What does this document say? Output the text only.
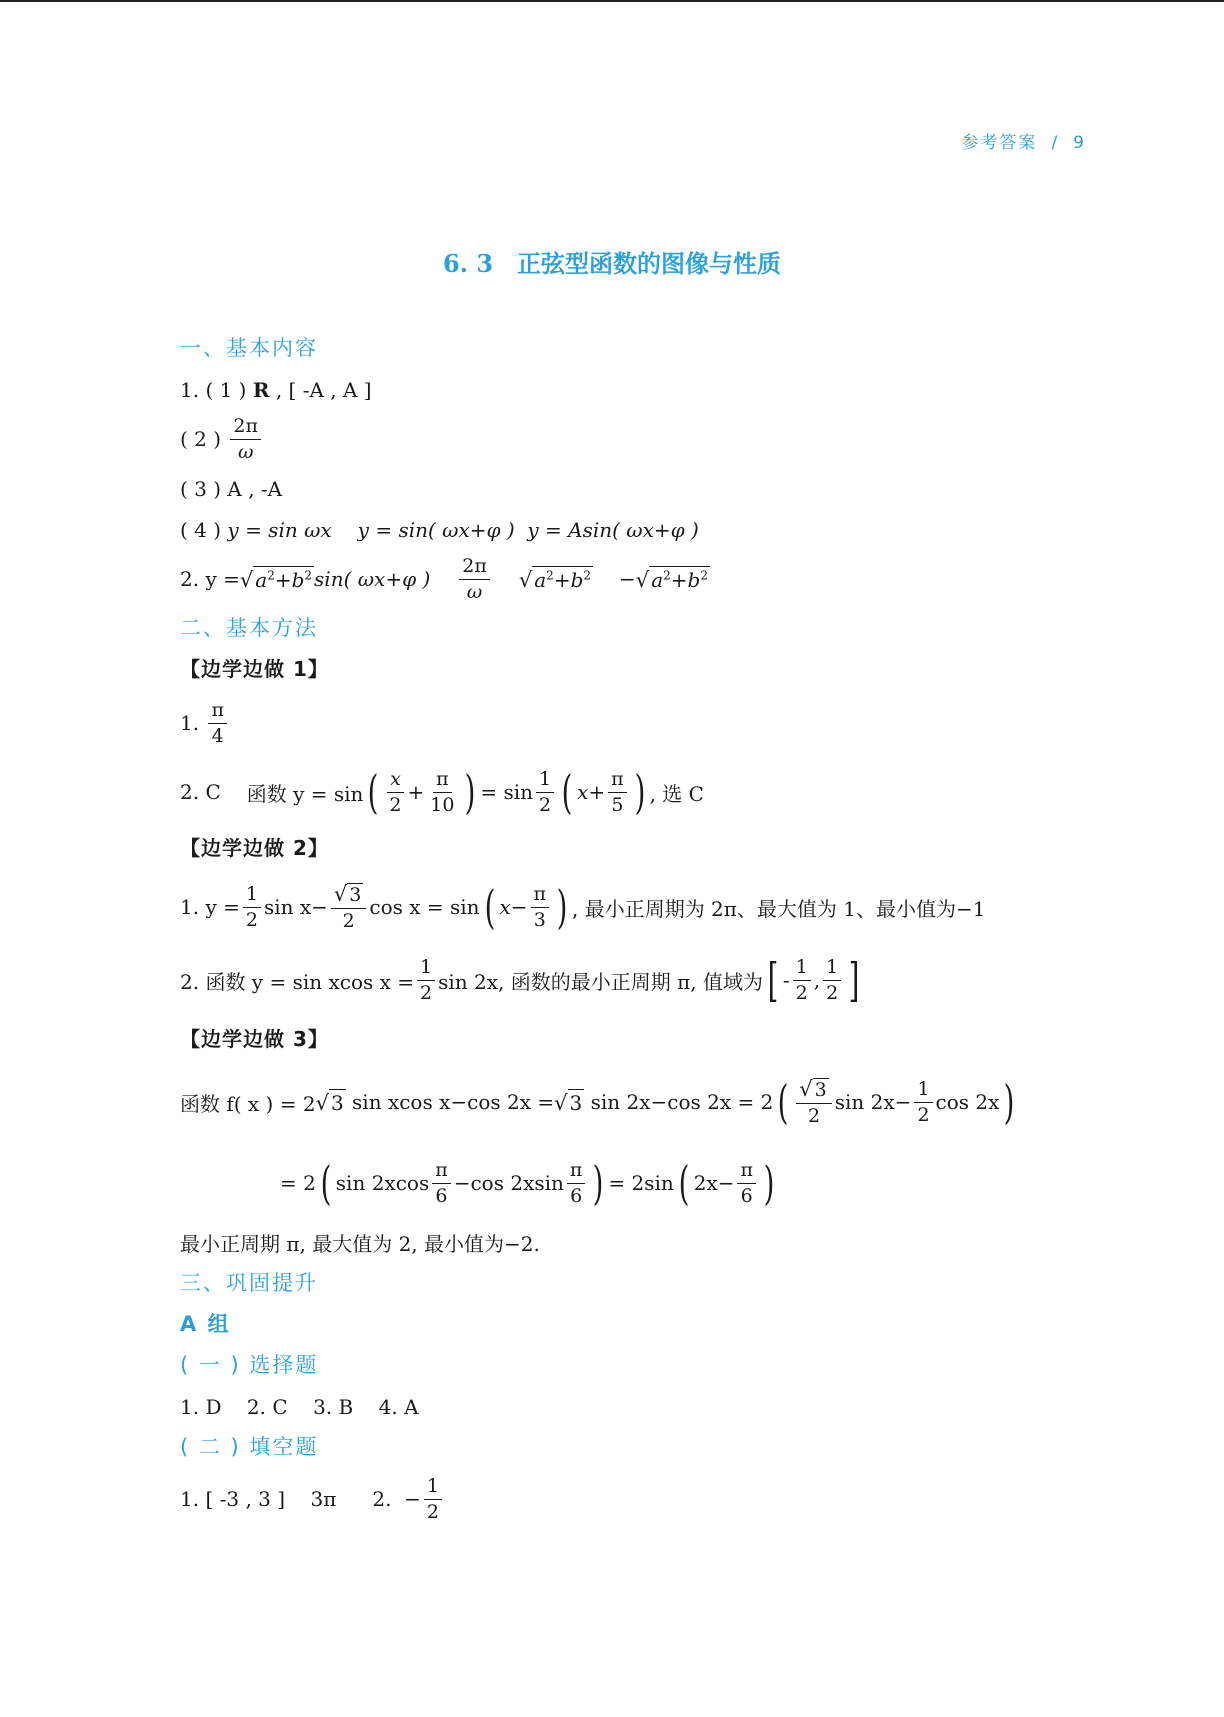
参考答案 / 9
6. 3 正弦型函数的图像与性质
一、基本内容
1. ( 1 )
R
, [ -A , A ]
( 2 )
$\frac{2\pi}{\omega}$
( 3 ) A , -A
( 4 )
y = sin ωx y = sin( ωx+φ )
y = Asin( ωx+φ )
2. y = √ $a^2+b^2$ sin( ωx+φ ) $\frac{2\pi}{\omega}$ √ $a^2+b^2$ − √ $a^2+b^2$
二、基本方法
【边学边做 1】
1.
$\frac{\pi}{4}$
2. C 函数 y = sin ( $\frac{x}{2} + \frac{\pi}{10}$ ) = $\sin \frac{1}{2}$ ( $x+ \frac{\pi}{5}$ ) , 选 C
【边学边做 2】
1. $y = \frac{1}{2}$ $\sin x- \frac{√ 3}{2}$ cos x = sin ( $x- \frac{\pi}{3}$ ) , 最小正周期为 2π、最大值为 1、最小值为−1
2. 函数 y = sin xcos $x = \frac{1}{2}$ sin 2x, 函数的最小正周期 π, 值域为 [ - $\frac{1}{2}$ , $\frac{1}{2}$ ]
【边学边做 3】
函数 f( x ) = 2 √ 3
sin xcos x−cos 2x = √ 3
sin 2x−cos 2x = 2 ( $\frac{√ 3}{2}$ $\sin 2x- \frac{1}{2}$ cos 2x )
= 2 ( $\sin 2xcos \frac{\pi}{6} -\cos$ $2xsin \frac{\pi}{6}$ ) = 2sin ( $2x- \frac{\pi}{6}$ )
最小正周期 π, 最大值为 2, 最小值为−2.
三、巩固提升
A 组
( 一 ) 选择题
1. D    2. C    3. B    4. A
( 二 ) 填空题
1. [ -3 , 3 ]    3π 2.  − $\frac{1}{2}$
